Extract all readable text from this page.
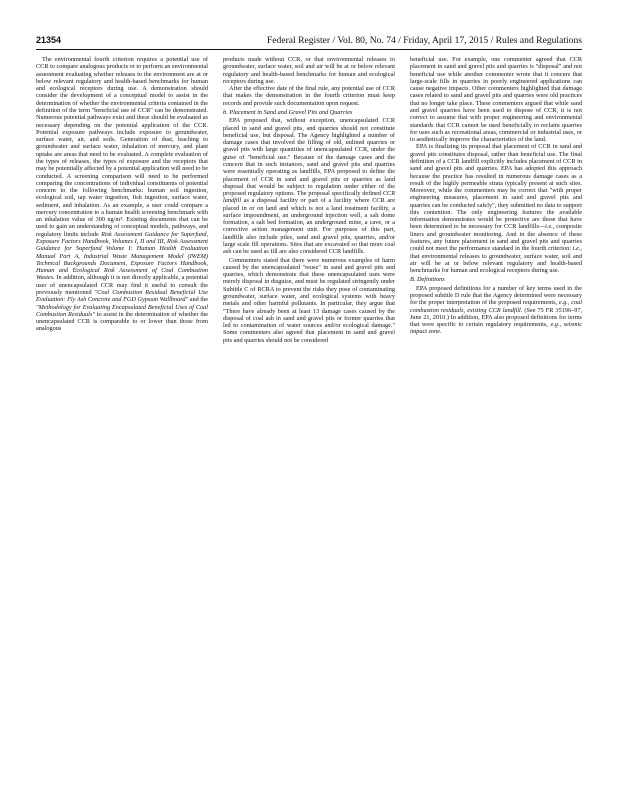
21354	Federal Register / Vol. 80, No. 74 / Friday, April 17, 2015 / Rules and Regulations

The environmental fourth criterion requires a potential use of CCR to compare analogous products or to perform an environmental assessment evaluating whether releases to the environment are at or below relevant regulatory and health-based benchmarks for human and ecological receptors during use. A demonstration should consider the development of a conceptual model to assist in the determination of whether the environmental criteria contained in the definition of the term "beneficial use of CCR" can be demonstrated. Numerous potential pathways exist and these should be evaluated as necessary depending on the potential application of the CCR. Potential exposure pathways include exposure to groundwater, surface water, air, and soils. Generation of dust, leaching to groundwater and surface water, inhalation of mercury, and plant uptake are areas that need to be evaluated. A complete evaluation of the types of releases, the types of exposure and the receptors that may be potentially affected by a potential application will need to be conducted. A screening comparison will need to be performed comparing the concentrations of individual constituents of potential concern to the following benchmarks: human soil ingestion, ecological soil, tap water ingestion, fish ingestion, surface water, sediment, and inhalation. As an example, a user could compare a mercury concentration to a human health screening benchmark with an inhalation value of 300 ng/m³. Existing documents that can be used to gain an understanding of conceptual models, pathways, and regulatory limits include Risk Assessment Guidance for Superfund, Exposure Factors Handbook, Volumes I, II and III, Risk Assessment Guidance for Superfund Volume I: Human Health Evaluation Manual Part A, Industrial Waste Management Model (IWEM) Technical Backgrounds Document, Exposure Factors Handbook, Human and Ecological Risk Assessment of Coal Combustion Wastes. In addition, although it is not directly applicable, a potential user of unencapsulated CCR may find it useful to consult the previously mentioned "Coal Combustion Residual Beneficial Use Evaluation: Fly Ash Concrete and FGD Gypsum Wallboard" and the "Methodology for Evaluating Encapsulated Beneficial Uses of Coal Combustion Residuals" to assist in the determination of whether the unencapsulated CCR is comparable to or lower than those from analogous

products made without CCR, or that environmental releases to groundwater, surface water, soil and air will be at or below relevant regulatory and health-based benchmarks for human and ecological receptors during use.

After the effective date of the final rule, any potential use of CCR that makes the demonstration in the fourth criterion must keep records and provide such documentation upon request.

b. Placement in Sand and Gravel Pits and Quarries

EPA proposed that, without exception, unencapsulated CCR placed in sand and gravel pits, and quarries should not constitute beneficial use, but disposal. The Agency highlighted a number of damage cases that involved the filling of old, unlined quarries or gravel pits with large quantities of unencapsulated CCR, under the guise of "beneficial use." Because of the damage cases and the concern that in such instances, sand and gravel pits and quarries were essentially operating as landfills, EPA proposed to define the placement of CCR in sand and gravel pits or quarries as land disposal that would be subject to regulation under either of the proposed regulatory options. The proposal specifically defined CCR landfill as a disposal facility or part of a facility where CCR are placed in or on land and which is not a land treatment facility, a surface impoundment, an underground injection well, a salt dome formation, a salt bed formation, an underground mine, a cave, or a corrective action management unit. For purposes of this part, landfills also include piles, sand and gravel pits, quarries, and/or large scale fill operations. Sites that are excavated so that more coal ash can be used as fill are also considered CCR landfills.

Commenters stated that there were numerous examples of harm caused by the unencapsulated "reuse" in sand and gravel pits and quarries, which demonstrate that these unencapsulated uses were merely disposal in disguise, and must be regulated stringently under Subtitle C of RCRA to prevent the risks they pose of contaminating groundwater, surface water, and ecological systems with heavy metals and other harmful pollutants. In particular, they argue that "There have already been at least 13 damage cases caused by the disposal of coal ash in sand and gravel pits or former quarries that led to contamination of water sources and/or ecological damage." Some commenters also agreed that placement in sand and gravel pits and quarries should not be considered

beneficial use. For example, one commenter agreed that CCR placement in sand and gravel pits and quarries is "disposal" and not beneficial use while another commenter wrote that it concurs that large-scale fills in quarries in poorly engineered applications can cause negative impacts. Other commenters highlighted that damage cases related to sand and gravel pits and quarries were old practices that no longer take place. These commenters argued that while sand and gravel quarries have been used to dispose of CCR, it is not correct to assume that with proper engineering and environmental standards that CCR cannot be used beneficially to reclaim quarries for uses such as recreational areas, commercial or industrial uses, or to aesthetically improve the characteristics of the land.

EPA is finalizing its proposal that placement of CCR in sand and gravel pits constitutes disposal, rather than beneficial use. The final definition of a CCR landfill explicitly includes placement of CCR in sand and gravel pits and quarries. EPA has adopted this approach because the practice has resulted in numerous damage cases as a result of the highly permeable strata typically present at such sites. Moreover, while the commenters may be correct that "with proper engineering measures, placement in sand and gravel pits and quarries can be conducted safely", they submitted no data to support this contention. The only engineering features the available information demonstrates would be protective are those that have been determined to be necessary for CCR landfills—i.e., composite liners and groundwater monitoring. And in the absence of these features, any future placement in sand and gravel pits and quarries could not meet the performance standard in the fourth criterion: i.e., that environmental releases to groundwater, surface water, soil and air will be at or below relevant regulatory and health-based benchmarks for human and ecological receptors during use.

B. Definitions

EPA proposed definitions for a number of key terms used in the proposed subtitle D rule that the Agency determined were necessary for the proper interpretation of the proposed requirements, e.g., coal combustion residuals, existing CCR landfill. (See 75 FR 35196–97, June 21, 2010.) In addition, EPA also proposed definitions for terms that were specific to certain regulatory requirements, e.g., seismic impact zone.
